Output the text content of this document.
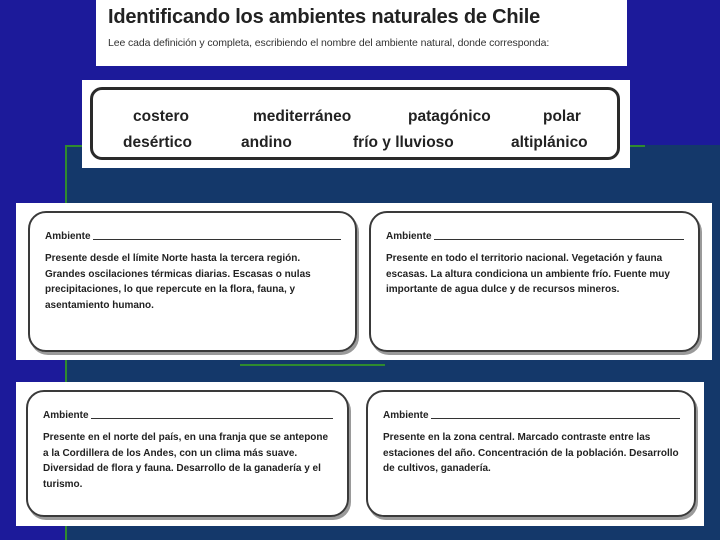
Identificando los ambientes naturales de Chile
Lee cada definición y completa, escribiendo el nombre del ambiente natural, donde corresponda:
costero	mediterráneo	patagónico	polar
desértico	andino	frío y lluvioso	altiplánico
Ambiente
Presente desde el límite Norte hasta la tercera región. Grandes oscilaciones térmicas diarias. Escasas o nulas precipitaciones, lo que repercute en la flora, fauna, y asentamiento humano.
Ambiente
Presente en todo el territorio nacional. Vegetación y fauna escasas. La altura condiciona un ambiente frío. Fuente muy importante de agua dulce y de recursos mineros.
Ambiente
Presente en el norte del país, en una franja que se antepone a la Cordillera de los Andes, con un clima más suave. Diversidad de flora y fauna. Desarrollo de la ganadería y el turismo.
Ambiente
Presente en la zona central. Marcado contraste entre las estaciones del año. Concentración de la población. Desarrollo de cultivos, ganadería.
